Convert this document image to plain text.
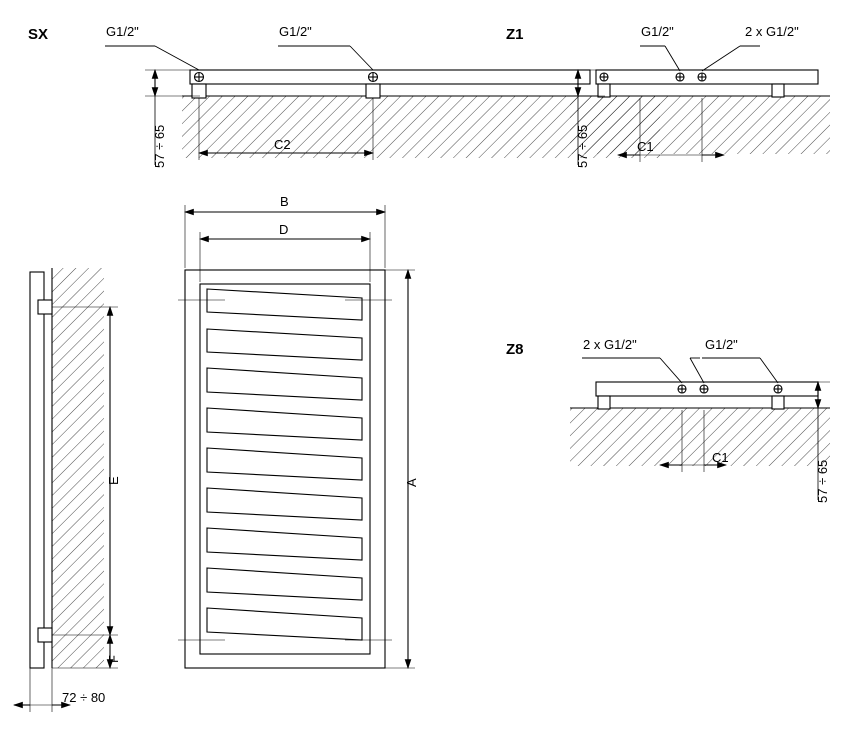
SX	Z1
Z8
G1/2"	G1/2"
57 ÷ 65	C2
G1/2"	2 x G1/2"
57 ÷ 65	C1
2 x G1/2"	G1/2"
57 ÷ 65
C1
B
D
A
E
F
72 ÷ 80
